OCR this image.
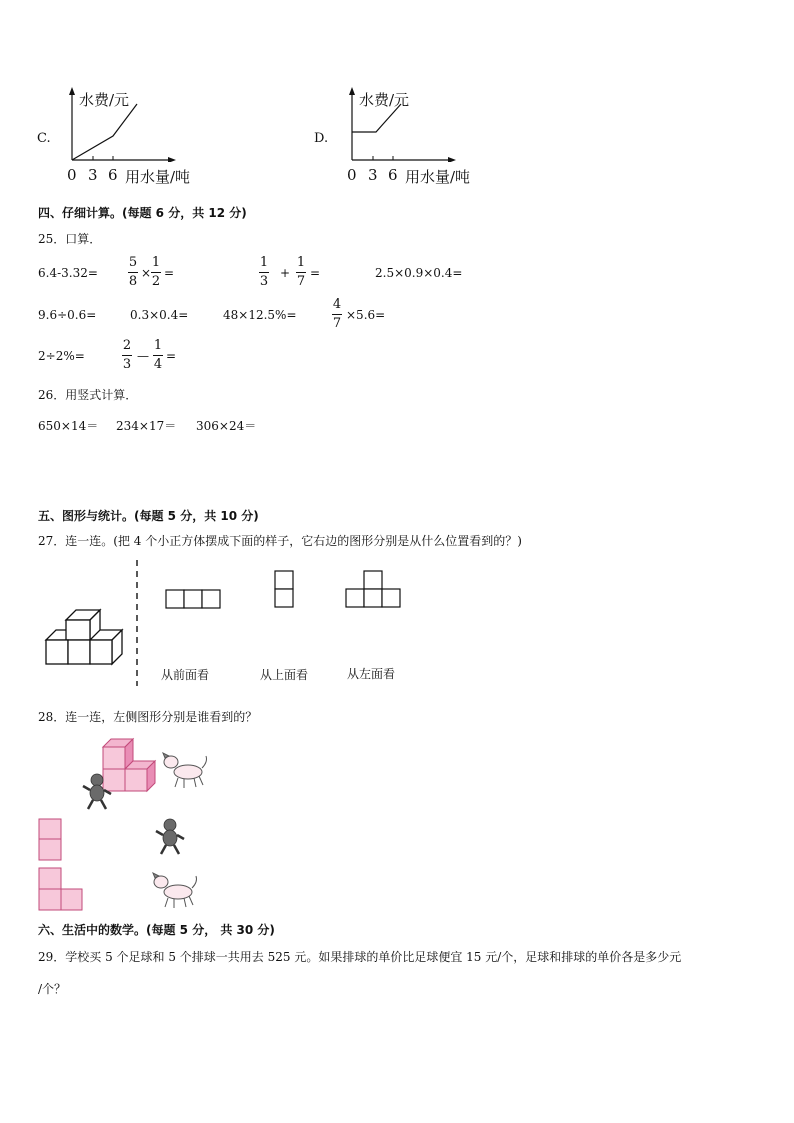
C.
水费/元
0 3 6 用水量/吨
D.
水费/元
0 3 6 用水量/吨
四、仔细计算。(每题 6 分，共 12 分)
25．口算．
6.4-3.32=
5
8
×
1
2
=
1
3
+
1
7
=	2.5×0.9×0.4=
9.6÷0.6=	0.3×0.4=	48×12.5%=
4
7
×5.6=
2÷2%=
2
3
—
1
4
=
26．用竖式计算．
650×14＝ 234×17＝ 306×24＝
五、图形与统计。(每题 5 分，共 10 分)
27．连一连。(把 4 个小正方体摆成下面的样子，它右边的图形分别是从什么位置看到的？)
从前面看	从上面看	从左面看
28．连一连，左侧图形分别是谁看到的？
六、生活中的数学。(每题 5 分， 共 30 分)
29．学校买 5 个足球和 5 个排球一共用去 525 元。如果排球的单价比足球便宜 15 元/个，足球和排球的单价各是多少元
/个？
